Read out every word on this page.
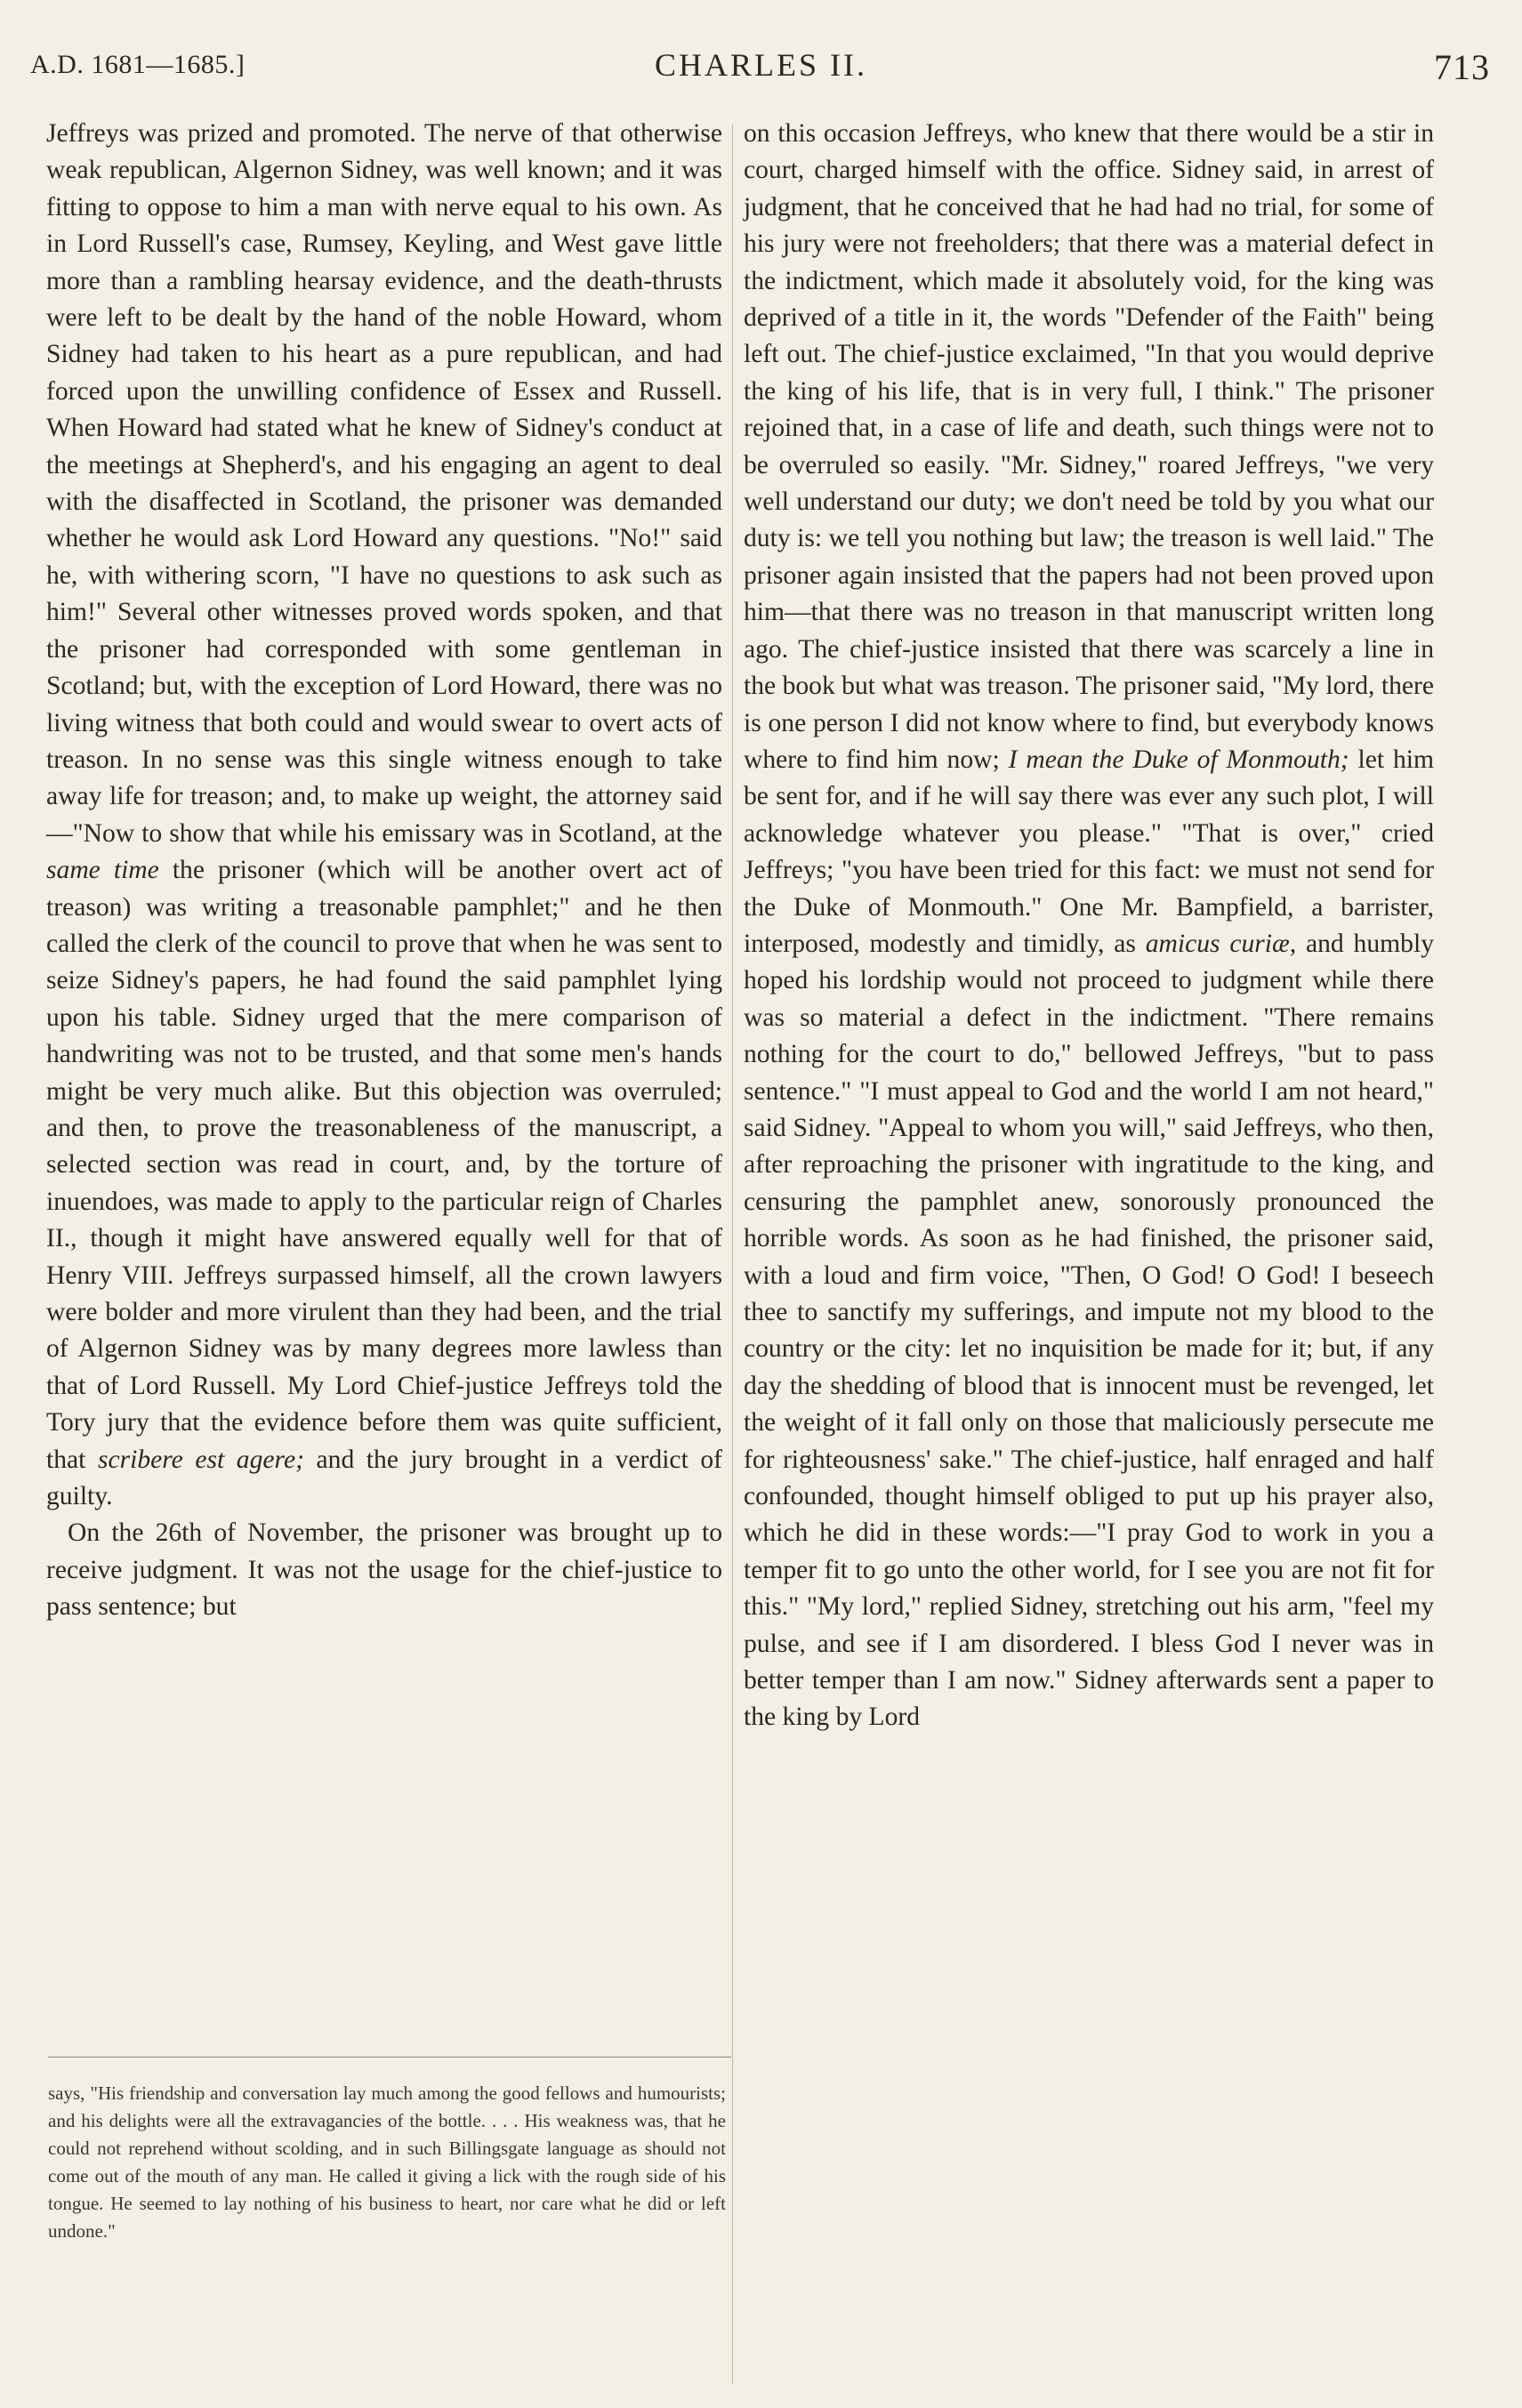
A.D. 1681—1685.]	CHARLES II.	713

Jeffreys was prized and promoted. The nerve of that otherwise weak republican, Algernon Sidney, was well known; and it was fitting to oppose to him a man with nerve equal to his own. As in Lord Russell's case, Rumsey, Keyling, and West gave little more than a rambling hearsay evidence, and the death-thrusts were left to be dealt by the hand of the noble Howard, whom Sidney had taken to his heart as a pure republican, and had forced upon the unwilling confidence of Essex and Russell. When Howard had stated what he knew of Sidney's conduct at the meetings at Shepherd's, and his engaging an agent to deal with the disaffected in Scotland, the prisoner was demanded whether he would ask Lord Howard any questions. "No!" said he, with withering scorn, "I have no questions to ask such as him!" Several other witnesses proved words spoken, and that the prisoner had corresponded with some gentleman in Scotland; but, with the exception of Lord Howard, there was no living witness that both could and would swear to overt acts of treason. In no sense was this single witness enough to take away life for treason; and, to make up weight, the attorney said—"Now to show that while his emissary was in Scotland, at the same time the prisoner (which will be another overt act of treason) was writing a treasonable pamphlet;" and he then called the clerk of the council to prove that when he was sent to seize Sidney's papers, he had found the said pamphlet lying upon his table. Sidney urged that the mere comparison of handwriting was not to be trusted, and that some men's hands might be very much alike. But this objection was overruled; and then, to prove the treasonableness of the manuscript, a selected section was read in court, and, by the torture of inuendoes, was made to apply to the particular reign of Charles II., though it might have answered equally well for that of Henry VIII. Jeffreys surpassed himself, all the crown lawyers were bolder and more virulent than they had been, and the trial of Algernon Sidney was by many degrees more lawless than that of Lord Russell. My Lord Chief-justice Jeffreys told the Tory jury that the evidence before them was quite sufficient, that scribere est agere; and the jury brought in a verdict of guilty.

On the 26th of November, the prisoner was brought up to receive judgment. It was not the usage for the chief-justice to pass sentence; but

says, "His friendship and conversation lay much among the good fellows and humourists; and his delights were all the extravagancies of the bottle. . . . His weakness was, that he could not reprehend without scolding, and in such Billingsgate language as should not come out of the mouth of any man. He called it giving a lick with the rough side of his tongue. He seemed to lay nothing of his business to heart, nor care what he did or left undone."

on this occasion Jeffreys, who knew that there would be a stir in court, charged himself with the office. Sidney said, in arrest of judgment, that he conceived that he had had no trial, for some of his jury were not freeholders; that there was a material defect in the indictment, which made it absolutely void, for the king was deprived of a title in it, the words "Defender of the Faith" being left out. The chief-justice exclaimed, "In that you would deprive the king of his life, that is in very full, I think." The prisoner rejoined that, in a case of life and death, such things were not to be overruled so easily. "Mr. Sidney," roared Jeffreys, "we very well understand our duty; we don't need be told by you what our duty is: we tell you nothing but law; the treason is well laid." The prisoner again insisted that the papers had not been proved upon him—that there was no treason in that manuscript written long ago. The chief-justice insisted that there was scarcely a line in the book but what was treason. The prisoner said, "My lord, there is one person I did not know where to find, but everybody knows where to find him now; I mean the Duke of Monmouth; let him be sent for, and if he will say there was ever any such plot, I will acknowledge whatever you please." "That is over," cried Jeffreys; "you have been tried for this fact: we must not send for the Duke of Monmouth." One Mr. Bampfield, a barrister, interposed, modestly and timidly, as amicus curiæ, and humbly hoped his lordship would not proceed to judgment while there was so material a defect in the indictment. "There remains nothing for the court to do," bellowed Jeffreys, "but to pass sentence." "I must appeal to God and the world I am not heard," said Sidney. "Appeal to whom you will," said Jeffreys, who then, after reproaching the prisoner with ingratitude to the king, and censuring the pamphlet anew, sonorously pronounced the horrible words. As soon as he had finished, the prisoner said, with a loud and firm voice, "Then, O God! O God! I beseech thee to sanctify my sufferings, and impute not my blood to the country or the city: let no inquisition be made for it; but, if any day the shedding of blood that is innocent must be revenged, let the weight of it fall only on those that maliciously persecute me for righteousness' sake." The chief-justice, half enraged and half confounded, thought himself obliged to put up his prayer also, which he did in these words:—"I pray God to work in you a temper fit to go unto the other world, for I see you are not fit for this." "My lord," replied Sidney, stretching out his arm, "feel my pulse, and see if I am disordered. I bless God I never was in better temper than I am now." Sidney afterwards sent a paper to the king by Lord
